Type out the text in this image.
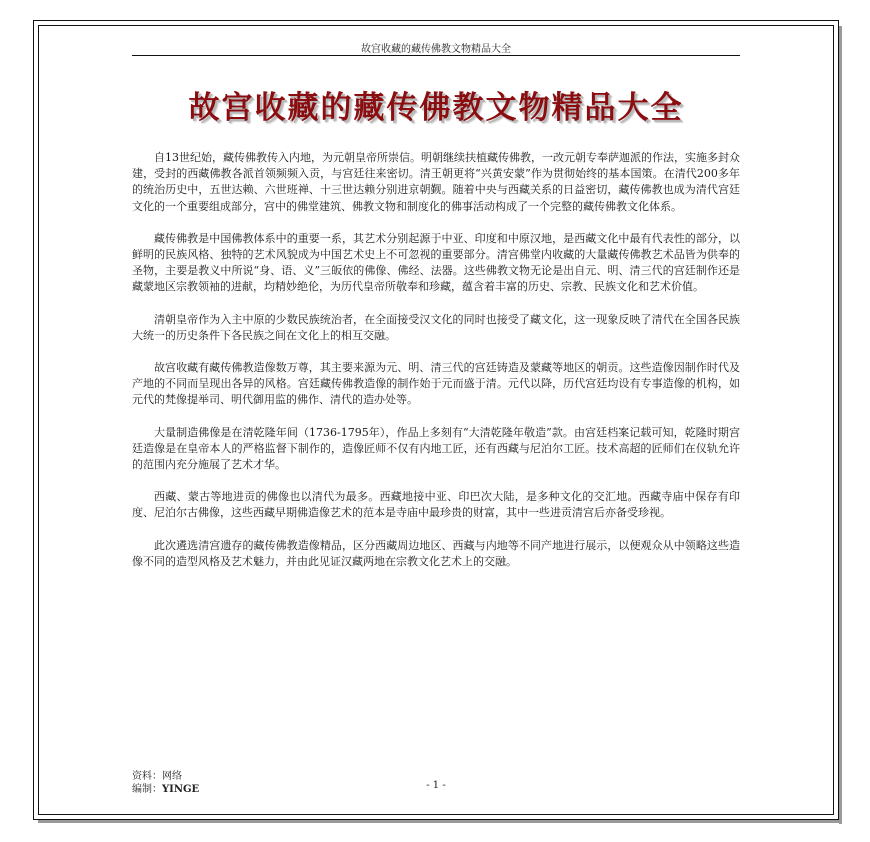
故宫收藏的藏传佛教文物精品大全
故宫收藏的藏传佛教文物精品大全

自13世纪始，藏传佛教传入内地，为元朝皇帝所崇信。明朝继续扶植藏传佛教，一改元朝专奉萨迦派的作法，实施多封众建，受封的西藏佛教各派首领频频入贡，与宫廷往来密切。清王朝更将“兴黄安蒙”作为贯彻始终的基本国策。在清代200多年的统治历史中，五世达赖、六世班禅、十三世达赖分别进京朝觐。随着中央与西藏关系的日益密切，藏传佛教也成为清代宫廷文化的一个重要组成部分，宫中的佛堂建筑、佛教文物和制度化的佛事活动构成了一个完整的藏传佛教文化体系。

藏传佛教是中国佛教体系中的重要一系，其艺术分别起源于中亚、印度和中原汉地，是西藏文化中最有代表性的部分，以鲜明的民族风格、独特的艺术风貌成为中国艺术史上不可忽视的重要部分。清宫佛堂内收藏的大量藏传佛教艺术品皆为供奉的圣物，主要是教义中所说“身、语、义”三皈依的佛像、佛经、法器。这些佛教文物无论是出自元、明、清三代的宫廷制作还是藏蒙地区宗教领袖的进献，均精妙绝伦，为历代皇帝所敬奉和珍藏，蕴含着丰富的历史、宗教、民族文化和艺术价值。

清朝皇帝作为入主中原的少数民族统治者，在全面接受汉文化的同时也接受了藏文化，这一现象反映了清代在全国各民族大统一的历史条件下各民族之间在文化上的相互交融。

故宫收藏有藏传佛教造像数万尊，其主要来源为元、明、清三代的宫廷铸造及蒙藏等地区的朝贡。这些造像因制作时代及产地的不同而呈现出各异的风格。宫廷藏传佛教造像的制作始于元而盛于清。元代以降，历代宫廷均设有专事造像的机构，如元代的梵像提举司、明代御用监的佛作、清代的造办处等。

大量制造佛像是在清乾隆年间（1736-1795年），作品上多刻有“大清乾隆年敬造”款。由宫廷档案记载可知，乾隆时期宫廷造像是在皇帝本人的严格监督下制作的，造像匠师不仅有内地工匠，还有西藏与尼泊尔工匠。技术高超的匠师们在仪轨允许的范围内充分施展了艺术才华。

西藏、蒙古等地进贡的佛像也以清代为最多。西藏地接中亚、印巴次大陆，是多种文化的交汇地。西藏寺庙中保存有印度、尼泊尔古佛像，这些西藏早期佛造像艺术的范本是寺庙中最珍贵的财富，其中一些进贡清宫后亦备受珍视。

此次遴选清宫遗存的藏传佛教造像精品，区分西藏周边地区、西藏与内地等不同产地进行展示，以便观众从中领略这些造像不同的造型风格及艺术魅力，并由此见证汉藏两地在宗教文化艺术上的交融。

资料：网络
编制：YINGE	- 1 -
